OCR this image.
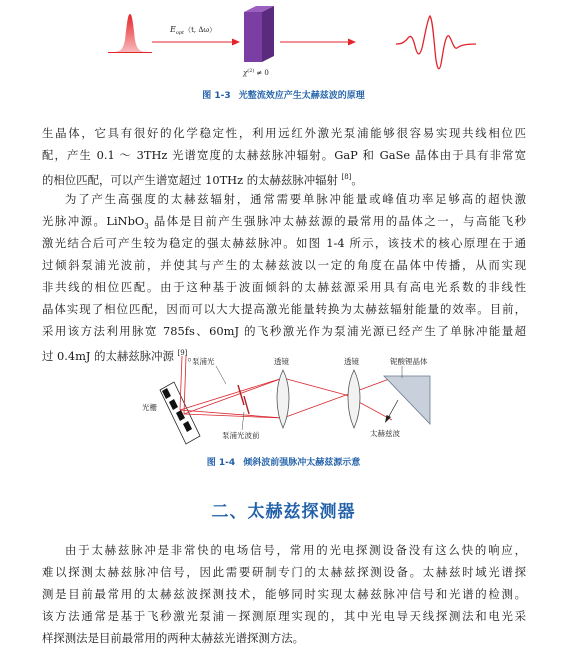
$E_{opt}(t$, Δω）
$\chi^{(2)} \ne 0$
图 1-3 光整流效应产生太赫兹波的原理

生晶体，它具有很好的化学稳定性，利用远红外激光泵浦能够很容易实现共线相位匹
配，产生 0.1 ～ 3THz 光谱宽度的太赫兹脉冲辐射。GaP 和 GaSe 晶体由于具有非常宽
的相位匹配，可以产生谱宽超过 10THz 的太赫兹脉冲辐射 [8]。

为了产生高强度的太赫兹辐射，通常需要单脉冲能量或峰值功率足够高的超快激
光脉冲源。LiNbO$_3$ 晶体是目前产生强脉冲太赫兹源的最常用的晶体之一，与高能飞秒
激光结合后可产生较为稳定的强太赫兹脉冲。如图 1-4 所示，该技术的核心原理在于通
过倾斜泵浦光波前，并使其与产生的太赫兹波以一定的角度在晶体中传播，从而实现
非共线的相位匹配。由于这种基于波面倾斜的太赫兹源采用具有高电光系数的非线性
晶体实现了相位匹配，因而可以大大提高激光能量转换为太赫兹辐射能量的效率。目前，
采用该方法利用脉宽 785fs、60mJ 的飞秒激光作为泵浦光源已经产生了单脉冲能量超
过 0.4mJ 的太赫兹脉冲源 [9]。

光栅
泵浦光
泵浦光波前
透镜	透镜	铌酸锂晶体
太赫兹波
图 1-4 倾斜波前强脉冲太赫兹源示意
二、太赫兹探测器

由于太赫兹脉冲是非常快的电场信号，常用的光电探测设备没有这么快的响应，
难以探测太赫兹脉冲信号，因此需要研制专门的太赫兹探测设备。太赫兹时域光谱探
测是目前最常用的太赫兹波探测技术，能够同时实现太赫兹脉冲信号和光谱的检测。
该方法通常是基于飞秒激光泵浦－探测原理实现的，其中光电导天线探测法和电光采
样探测法是目前最常用的两种太赫兹光谱探测方法。
